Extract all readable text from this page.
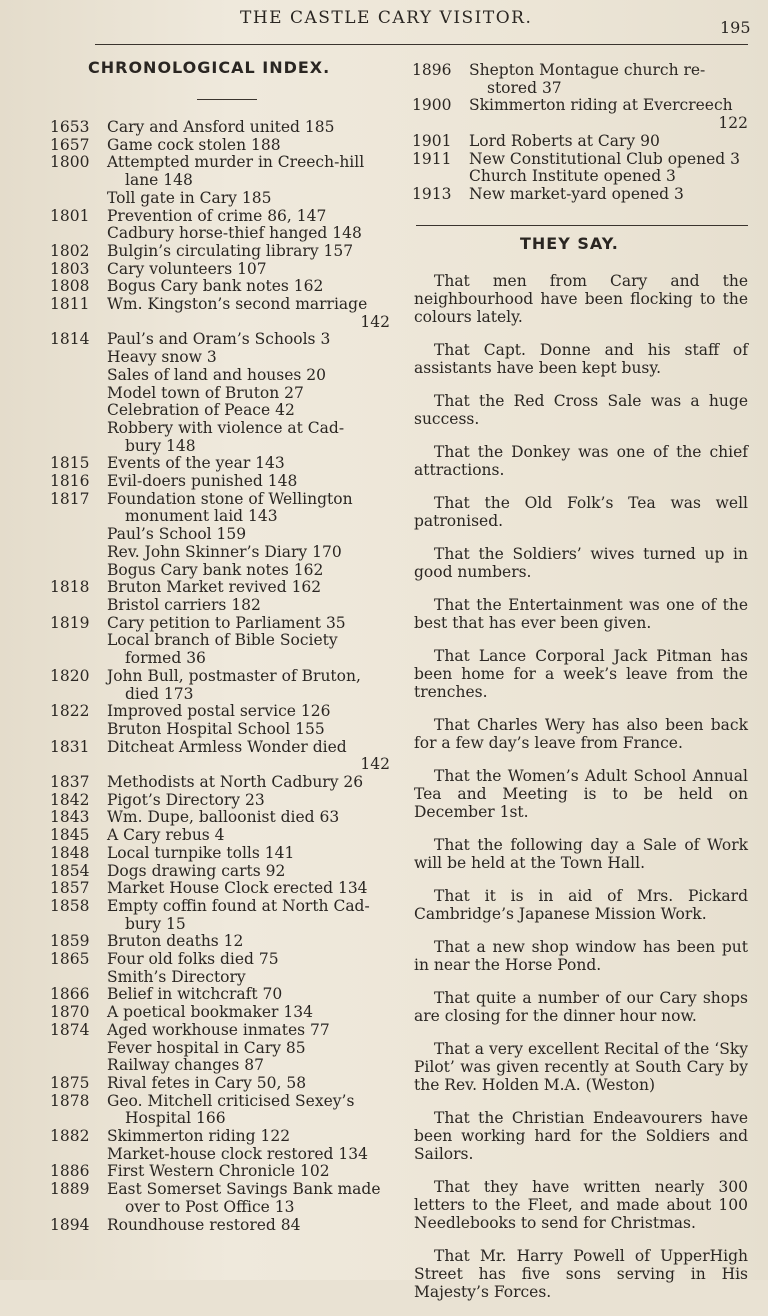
THE CASTLE CARY VISITOR.	195
CHRONOLOGICAL INDEX.
1653	Cary and Ansford united 185
1657	Game cock stolen 188
1800	Attempted murder in Creech-hill
lane 148
Toll gate in Cary 185
1801	Prevention of crime 86, 147
Cadbury horse-thief hanged 148
1802	Bulgin’s circulating library 157
1803	Cary volunteers 107
1808	Bogus Cary bank notes 162
1811	Wm. Kingston’s second marriage
142
1814	Paul’s and Oram’s Schools 3
Heavy snow 3
Sales of land and houses 20
Model town of Bruton 27
Celebration of Peace 42
Robbery with violence at Cad-
bury 148
1815	Events of the year 143
1816	Evil-doers punished 148
1817	Foundation stone of Wellington
monument laid 143
Paul’s School 159
Rev. John Skinner’s Diary 170
Bogus Cary bank notes 162
1818	Bruton Market revived 162
Bristol carriers 182
1819	Cary petition to Parliament 35
Local branch of Bible Society
formed 36
1820	John Bull, postmaster of Bruton,
died 173
1822	Improved postal service 126
Bruton Hospital School 155
1831	Ditcheat Armless Wonder died
142
1837	Methodists at North Cadbury 26
1842	Pigot’s Directory 23
1843	Wm. Dupe, balloonist died 63
1845	A Cary rebus 4
1848	Local turnpike tolls 141
1854	Dogs drawing carts 92
1857	Market House Clock erected 134
1858	Empty coffin found at North Cad-
bury 15
1859	Bruton deaths 12
1865	Four old folks died 75
Smith’s Directory
1866	Belief in witchcraft 70
1870	A poetical bookmaker 134
1874	Aged workhouse inmates 77
Fever hospital in Cary 85
Railway changes 87
1875	Rival fetes in Cary 50, 58
1878	Geo. Mitchell criticised Sexey’s
Hospital 166
1882	Skimmerton riding 122
Market-house clock restored 134
1886	First Western Chronicle 102
1889	East Somerset Savings Bank made
over to Post Office 13
1894	Roundhouse restored 84
1896	Shepton Montague church re-
stored 37
1900	Skimmerton riding at Evercreech
122
1901	Lord Roberts at Cary 90
1911	New Constitutional Club opened 3
Church Institute opened 3
1913	New market-yard opened 3
THEY SAY.

That men from Cary and the neighbourhood have been flocking to the colours lately.

That Capt. Donne and his staff of assistants have been kept busy.

That the Red Cross Sale was a huge success.

That the Donkey was one of the chief attractions.

That the Old Folk’s Tea was well patronised.

That the Soldiers’ wives turned up in good numbers.

That the Entertainment was one of the best that has ever been given.

That Lance Corporal Jack Pitman has been home for a week’s leave from the trenches.

That Charles Wery has also been back for a few day’s leave from France.

That the Women’s Adult School Annual Tea and Meeting is to be held on December 1st.

That the following day a Sale of Work will be held at the Town Hall.

That it is in aid of Mrs. Pickard Cambridge’s Japanese Mission Work.

That a new shop window has been put in near the Horse Pond.

That quite a number of our Cary shops are closing for the dinner hour now.

That a very excellent Recital of the ‘Sky Pilot’ was given recently at South Cary by the Rev. Holden M.A. (Weston)

That the Christian Endeavourers have been working hard for the Soldiers and Sailors.

That they have written nearly 300 letters to the Fleet, and made about 100 Needlebooks to send for Christmas.

That Mr. Harry Powell of UpperHigh Street has five sons serving in His Majesty’s Forces.
